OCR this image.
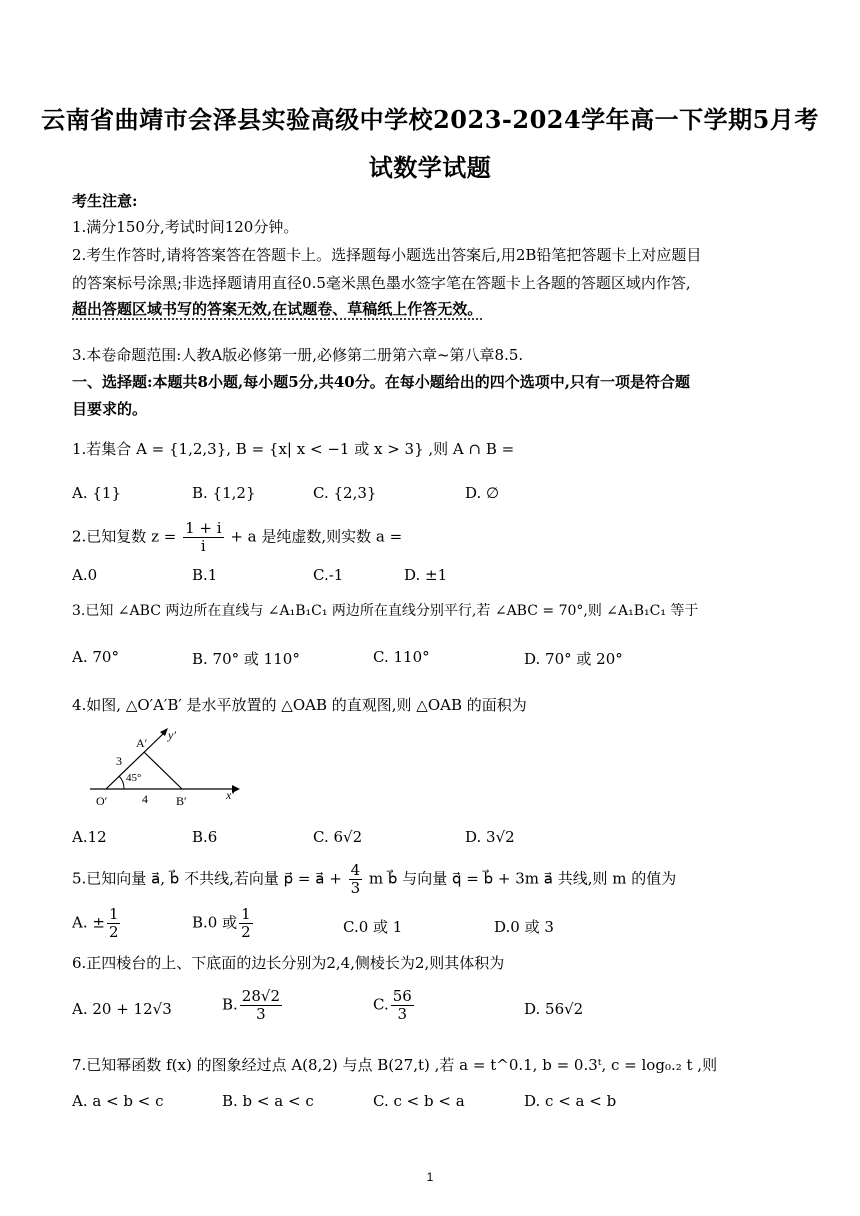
云南省曲靖市会泽县实验高级中学校2023-2024学年高一下学期5月考
试数学试题
考生注意:
1.满分150分,考试时间120分钟。
2.考生作答时,请将答案答在答题卡上。选择题每小题选出答案后,用2B铅笔把答题卡上对应题目
的答案标号涂黑;非选择题请用直径0.5毫米黑色墨水签字笔在答题卡上各题的答题区域内作答,
超出答题区域书写的答案无效,在试题卷、草稿纸上作答无效。
3.本卷命题范围:人教A版必修第一册,必修第二册第六章~第八章8.5.
一、选择题:本题共8小题,每小题5分,共40分。在每小题给出的四个选项中,只有一项是符合题
目要求的。
1.若集合 A = {1,2,3}, B = {x| x < −1 或 x > 3} ,则 A ∩ B =
A. {1}	B. {1,2}	C. {2,3}	D. ∅
2.已知复数 $z = \frac{1 + i}{i} + a$ 是纯虚数,则实数 a =
A.0	B.1	C.-1	D. ±1
3.已知 ∠ABC 两边所在直线与 ∠A₁B₁C₁ 两边所在直线分别平行,若 ∠ABC = 70°,则 ∠A₁B₁C₁ 等于
A. 70°	B. 70° 或 110°	C. 110°	D. 70° 或 20°
4.如图, △O′A′B′ 是水平放置的 △OAB 的直观图,则 △OAB 的面积为
A′
y′
3
45°
O′	4 B′	x′
A.12	B.6	C. 6√2	D. 3√2
5.已知向量 a⃗, b⃗ 不共线,若向量 p⃗ = a⃗ + $\frac{4}{3}$ m b⃗ 与向量 q⃗ = b⃗ + 3m a⃗ 共线,则 m 的值为
A. ± $\frac{1}{2}$	B.0 或 $\frac{1}{2}$	C.0 或 1	D.0 或 3
6.正四棱台的上、下底面的边长分别为2,4,侧棱长为2,则其体积为
A. 20 + 12√3	B. $\frac{28√2}{3}$	C. $\frac{56}{3}$	D. 56√2
7.已知幂函数 f(x) 的图象经过点 A(8,2) 与点 B(27,t) ,若 a = t^0.1, b = 0.3ᵗ, c = log₀.₂ t ,则
A. a < b < c	B. b < a < c	C. c < b < a	D. c < a < b
1
